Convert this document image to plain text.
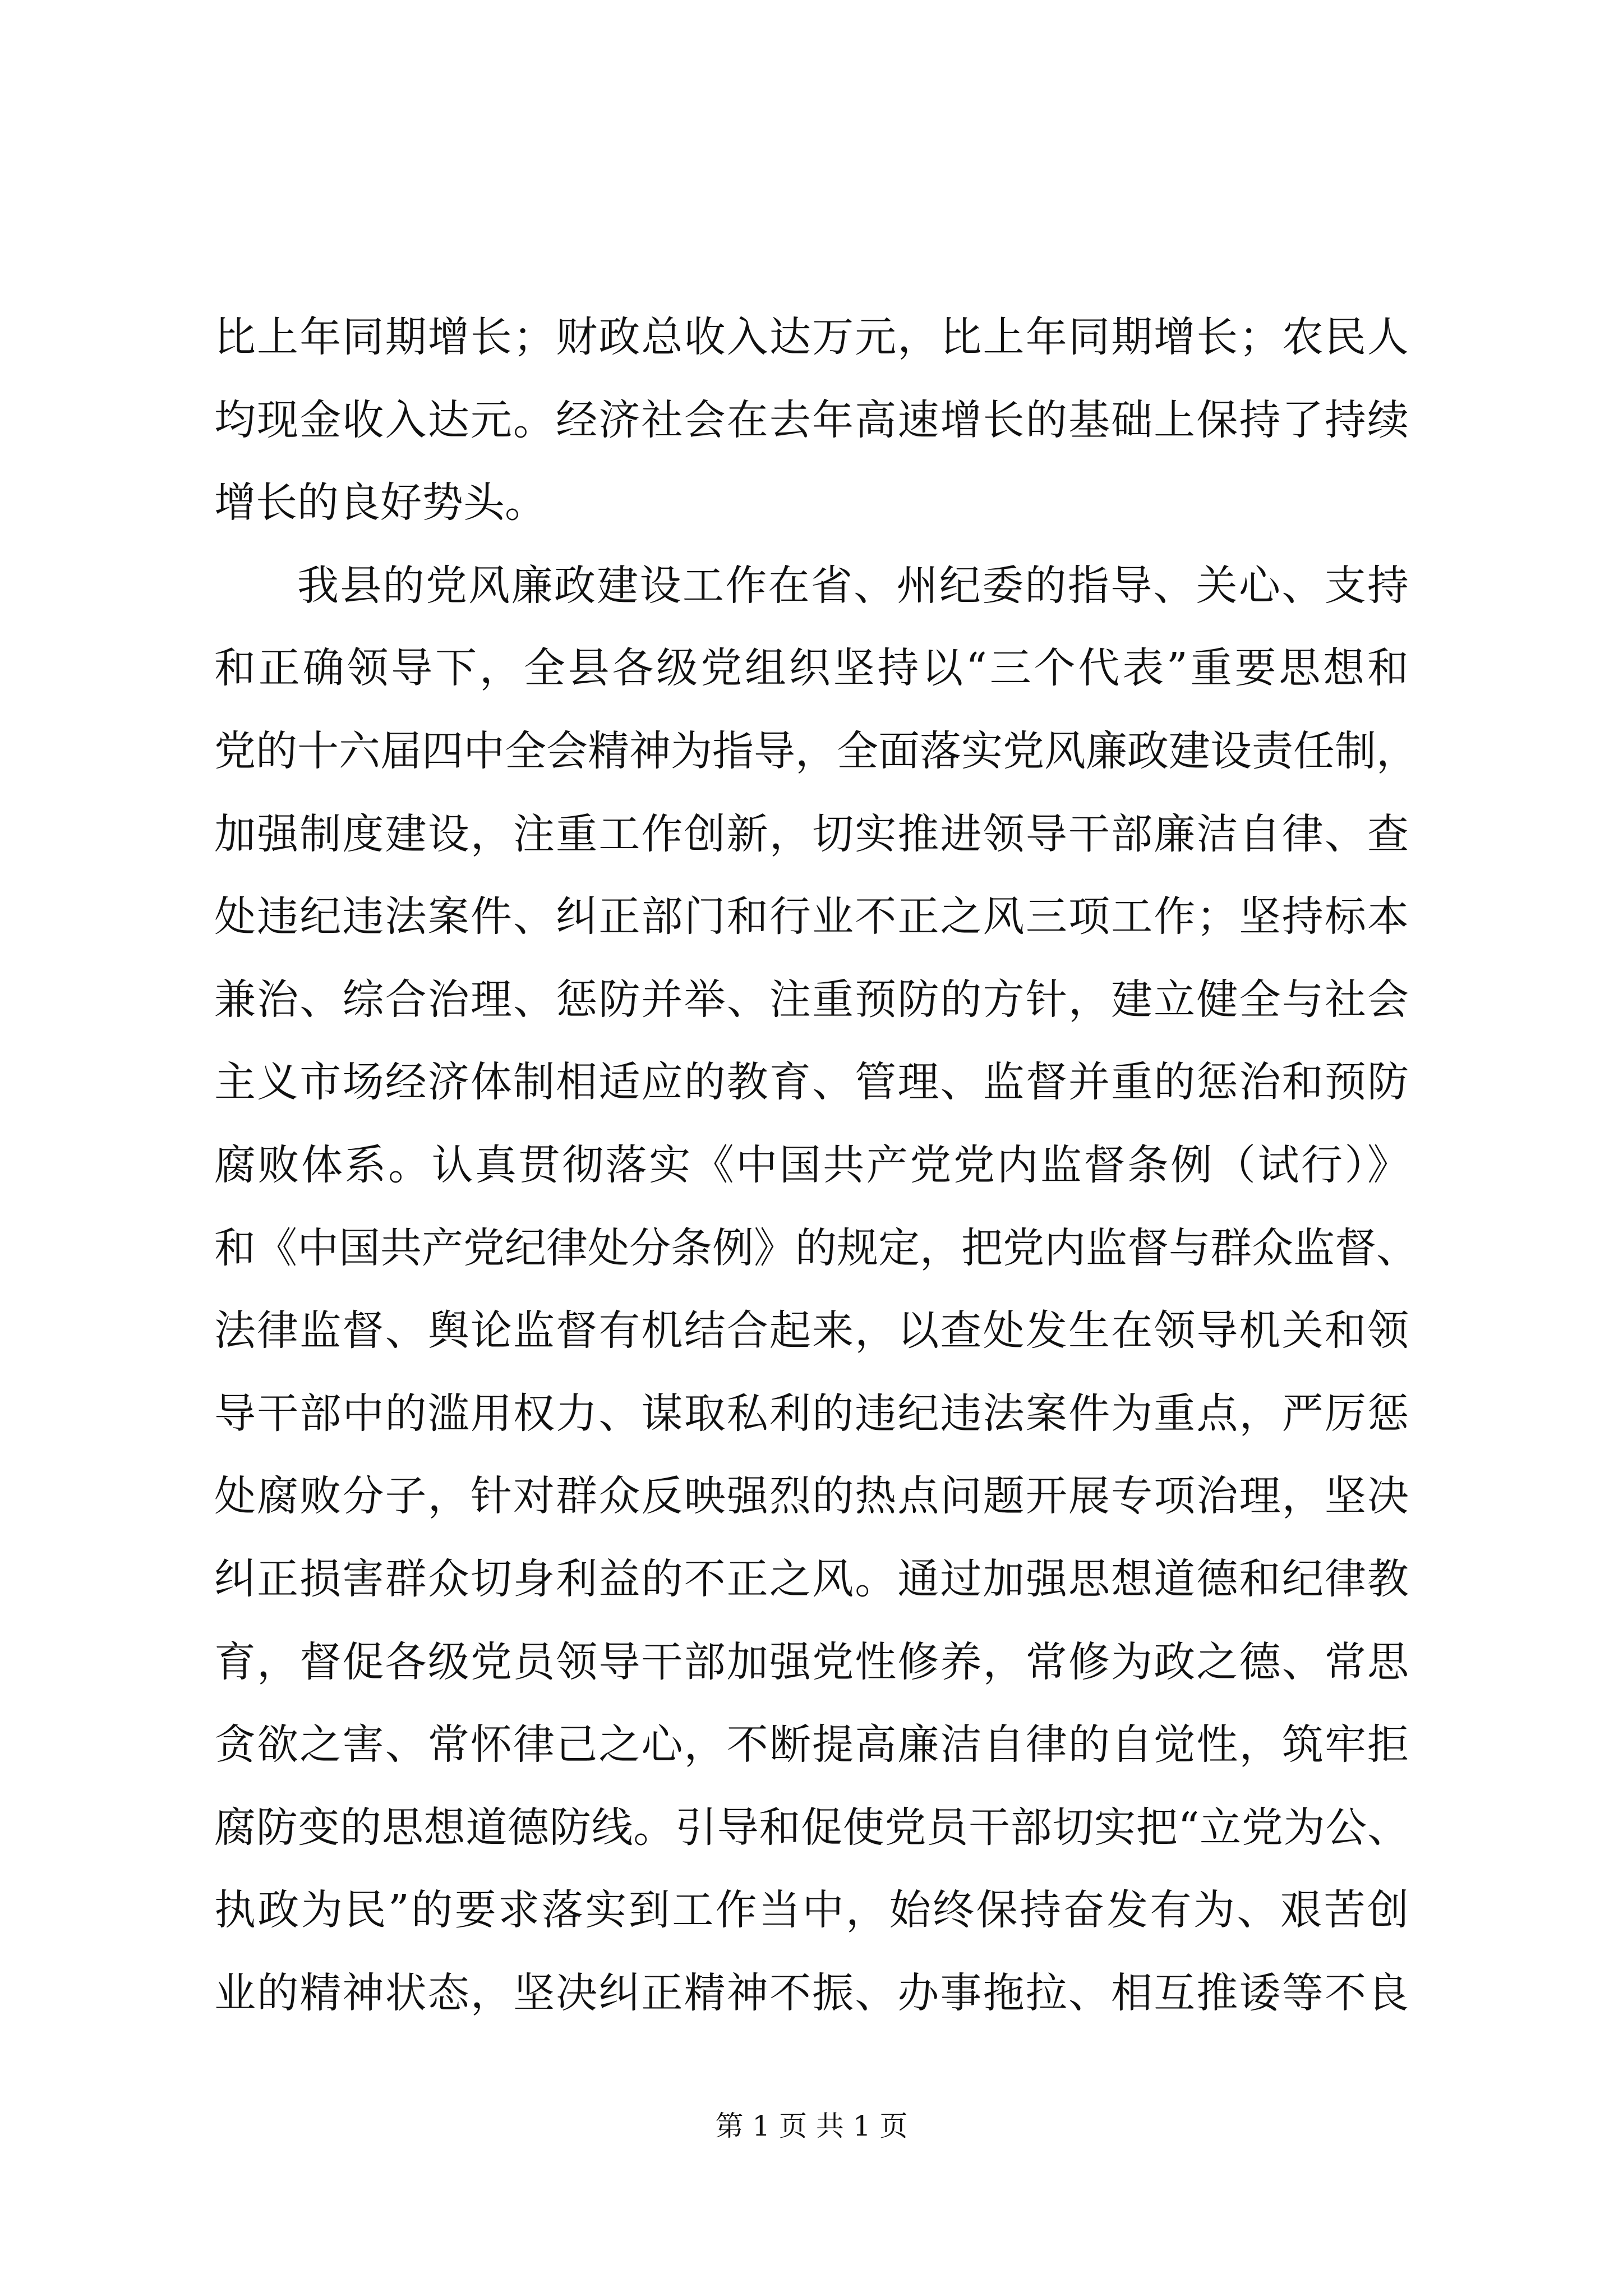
比上年同期增长；财政总收入达万元，比上年同期增长；农民人
均现金收入达元。经济社会在去年高速增长的基础上保持了持续
增长的良好势头。
我县的党风廉政建设工作在省、州纪委的指导、关心、支持
和正确领导下，全县各级党组织坚持以“三个代表”重要思想和
党的十六届四中全会精神为指导，全面落实党风廉政建设责任制，
加强制度建设，注重工作创新，切实推进领导干部廉洁自律、查
处违纪违法案件、纠正部门和行业不正之风三项工作；坚持标本
兼治、综合治理、惩防并举、注重预防的方针，建立健全与社会
主义市场经济体制相适应的教育、管理、监督并重的惩治和预防
腐败体系。认真贯彻落实《中国共产党党内监督条例（试行）》
和《中国共产党纪律处分条例》的规定，把党内监督与群众监督、
法律监督、舆论监督有机结合起来，以查处发生在领导机关和领
导干部中的滥用权力、谋取私利的违纪违法案件为重点，严厉惩
处腐败分子，针对群众反映强烈的热点问题开展专项治理，坚决
纠正损害群众切身利益的不正之风。通过加强思想道德和纪律教
育，督促各级党员领导干部加强党性修养，常修为政之德、常思
贪欲之害、常怀律己之心，不断提高廉洁自律的自觉性，筑牢拒
腐防变的思想道德防线。引导和促使党员干部切实把“立党为公、
执政为民”的要求落实到工作当中，始终保持奋发有为、艰苦创
业的精神状态，坚决纠正精神不振、办事拖拉、相互推诿等不良
第 1 页 共 1 页
